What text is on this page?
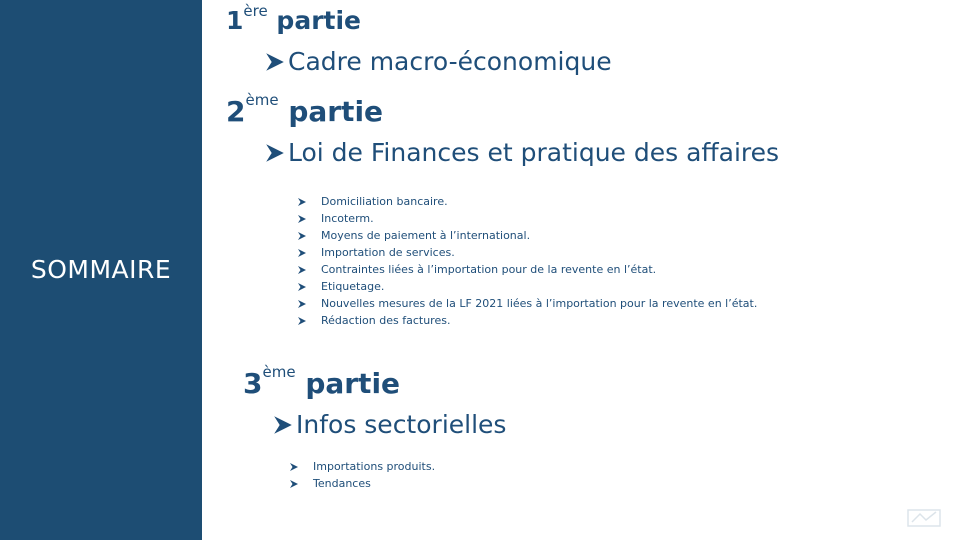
SOMMAIRE
1ère partie
Cadre macro-économique
2ème partie
Loi de Finances et pratique des affaires
Domiciliation bancaire.
Incoterm.
Moyens de paiement à l’international.
Importation de services.
Contraintes liées à l’importation pour de la revente en l’état.
Etiquetage.
Nouvelles mesures de la LF 2021 liées à l’importation pour la revente en l’état.
Rédaction des factures.
3ème partie
Infos sectorielles
Importations produits.
Tendances
